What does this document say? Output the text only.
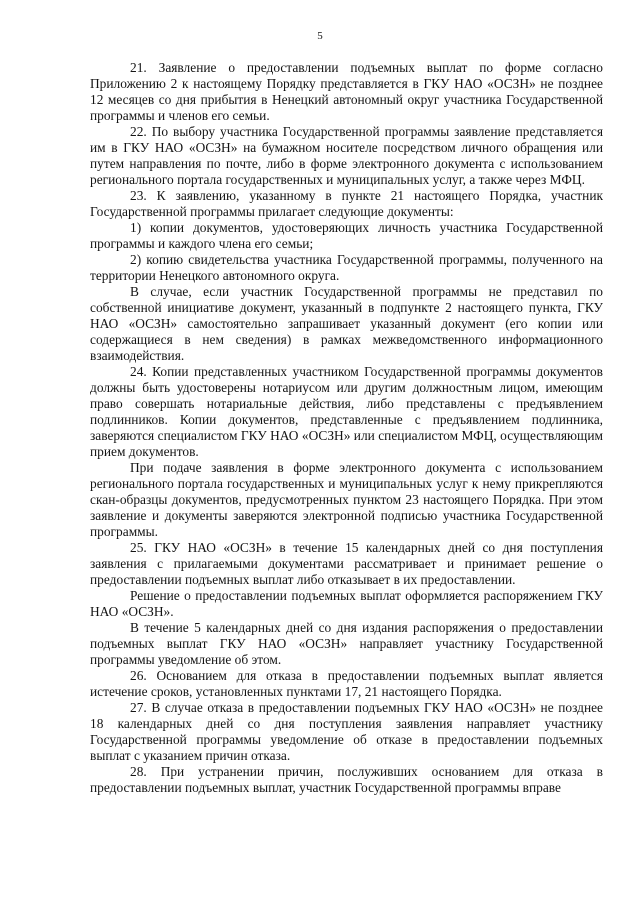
5

21. Заявление о предоставлении подъемных выплат по форме согласно Приложению 2 к настоящему Порядку представляется в ГКУ НАО «ОСЗН» не позднее 12 месяцев со дня прибытия в Ненецкий автономный округ участника Государственной программы и членов его семьи.

22. По выбору участника Государственной программы заявление представляется им в ГКУ НАО «ОСЗН» на бумажном носителе посредством личного обращения или путем направления по почте, либо в форме электронного документа с использованием регионального портала государственных и муниципальных услуг, а также через МФЦ.

23. К заявлению, указанному в пункте 21 настоящего Порядка, участник Государственной программы прилагает следующие документы:

1) копии документов, удостоверяющих личность участника Государственной программы и каждого члена его семьи;

2) копию свидетельства участника Государственной программы, полученного на территории Ненецкого автономного округа.

В случае, если участник Государственной программы не представил по собственной инициативе документ, указанный в подпункте 2 настоящего пункта, ГКУ НАО «ОСЗН» самостоятельно запрашивает указанный документ (его копии или содержащиеся в нем сведения) в рамках межведомственного информационного взаимодействия.

24. Копии представленных участником Государственной программы документов должны быть удостоверены нотариусом или другим должностным лицом, имеющим право совершать нотариальные действия, либо представлены с предъявлением подлинников. Копии документов, представленные с предъявлением подлинника, заверяются специалистом ГКУ НАО «ОСЗН» или специалистом МФЦ, осуществляющим прием документов.

При подаче заявления в форме электронного документа с использованием регионального портала государственных и муниципальных услуг к нему прикрепляются скан-образцы документов, предусмотренных пунктом 23 настоящего Порядка. При этом заявление и документы заверяются электронной подписью участника Государственной программы.

25. ГКУ НАО «ОСЗН» в течение 15 календарных дней со дня поступления заявления с прилагаемыми документами рассматривает и принимает решение о предоставлении подъемных выплат либо отказывает в их предоставлении.

Решение о предоставлении подъемных выплат оформляется распоряжением ГКУ НАО «ОСЗН».

В течение 5 календарных дней со дня издания распоряжения о предоставлении подъемных выплат ГКУ НАО «ОСЗН» направляет участнику Государственной программы уведомление об этом.

26. Основанием для отказа в предоставлении подъемных выплат является истечение сроков, установленных пунктами 17, 21 настоящего Порядка.

27. В случае отказа в предоставлении подъемных ГКУ НАО «ОСЗН» не позднее 18 календарных дней со дня поступления заявления направляет участнику Государственной программы уведомление об отказе в предоставлении подъемных выплат с указанием причин отказа.

28. При устранении причин, послуживших основанием для отказа в предоставлении подъемных выплат, участник Государственной программы вправе
